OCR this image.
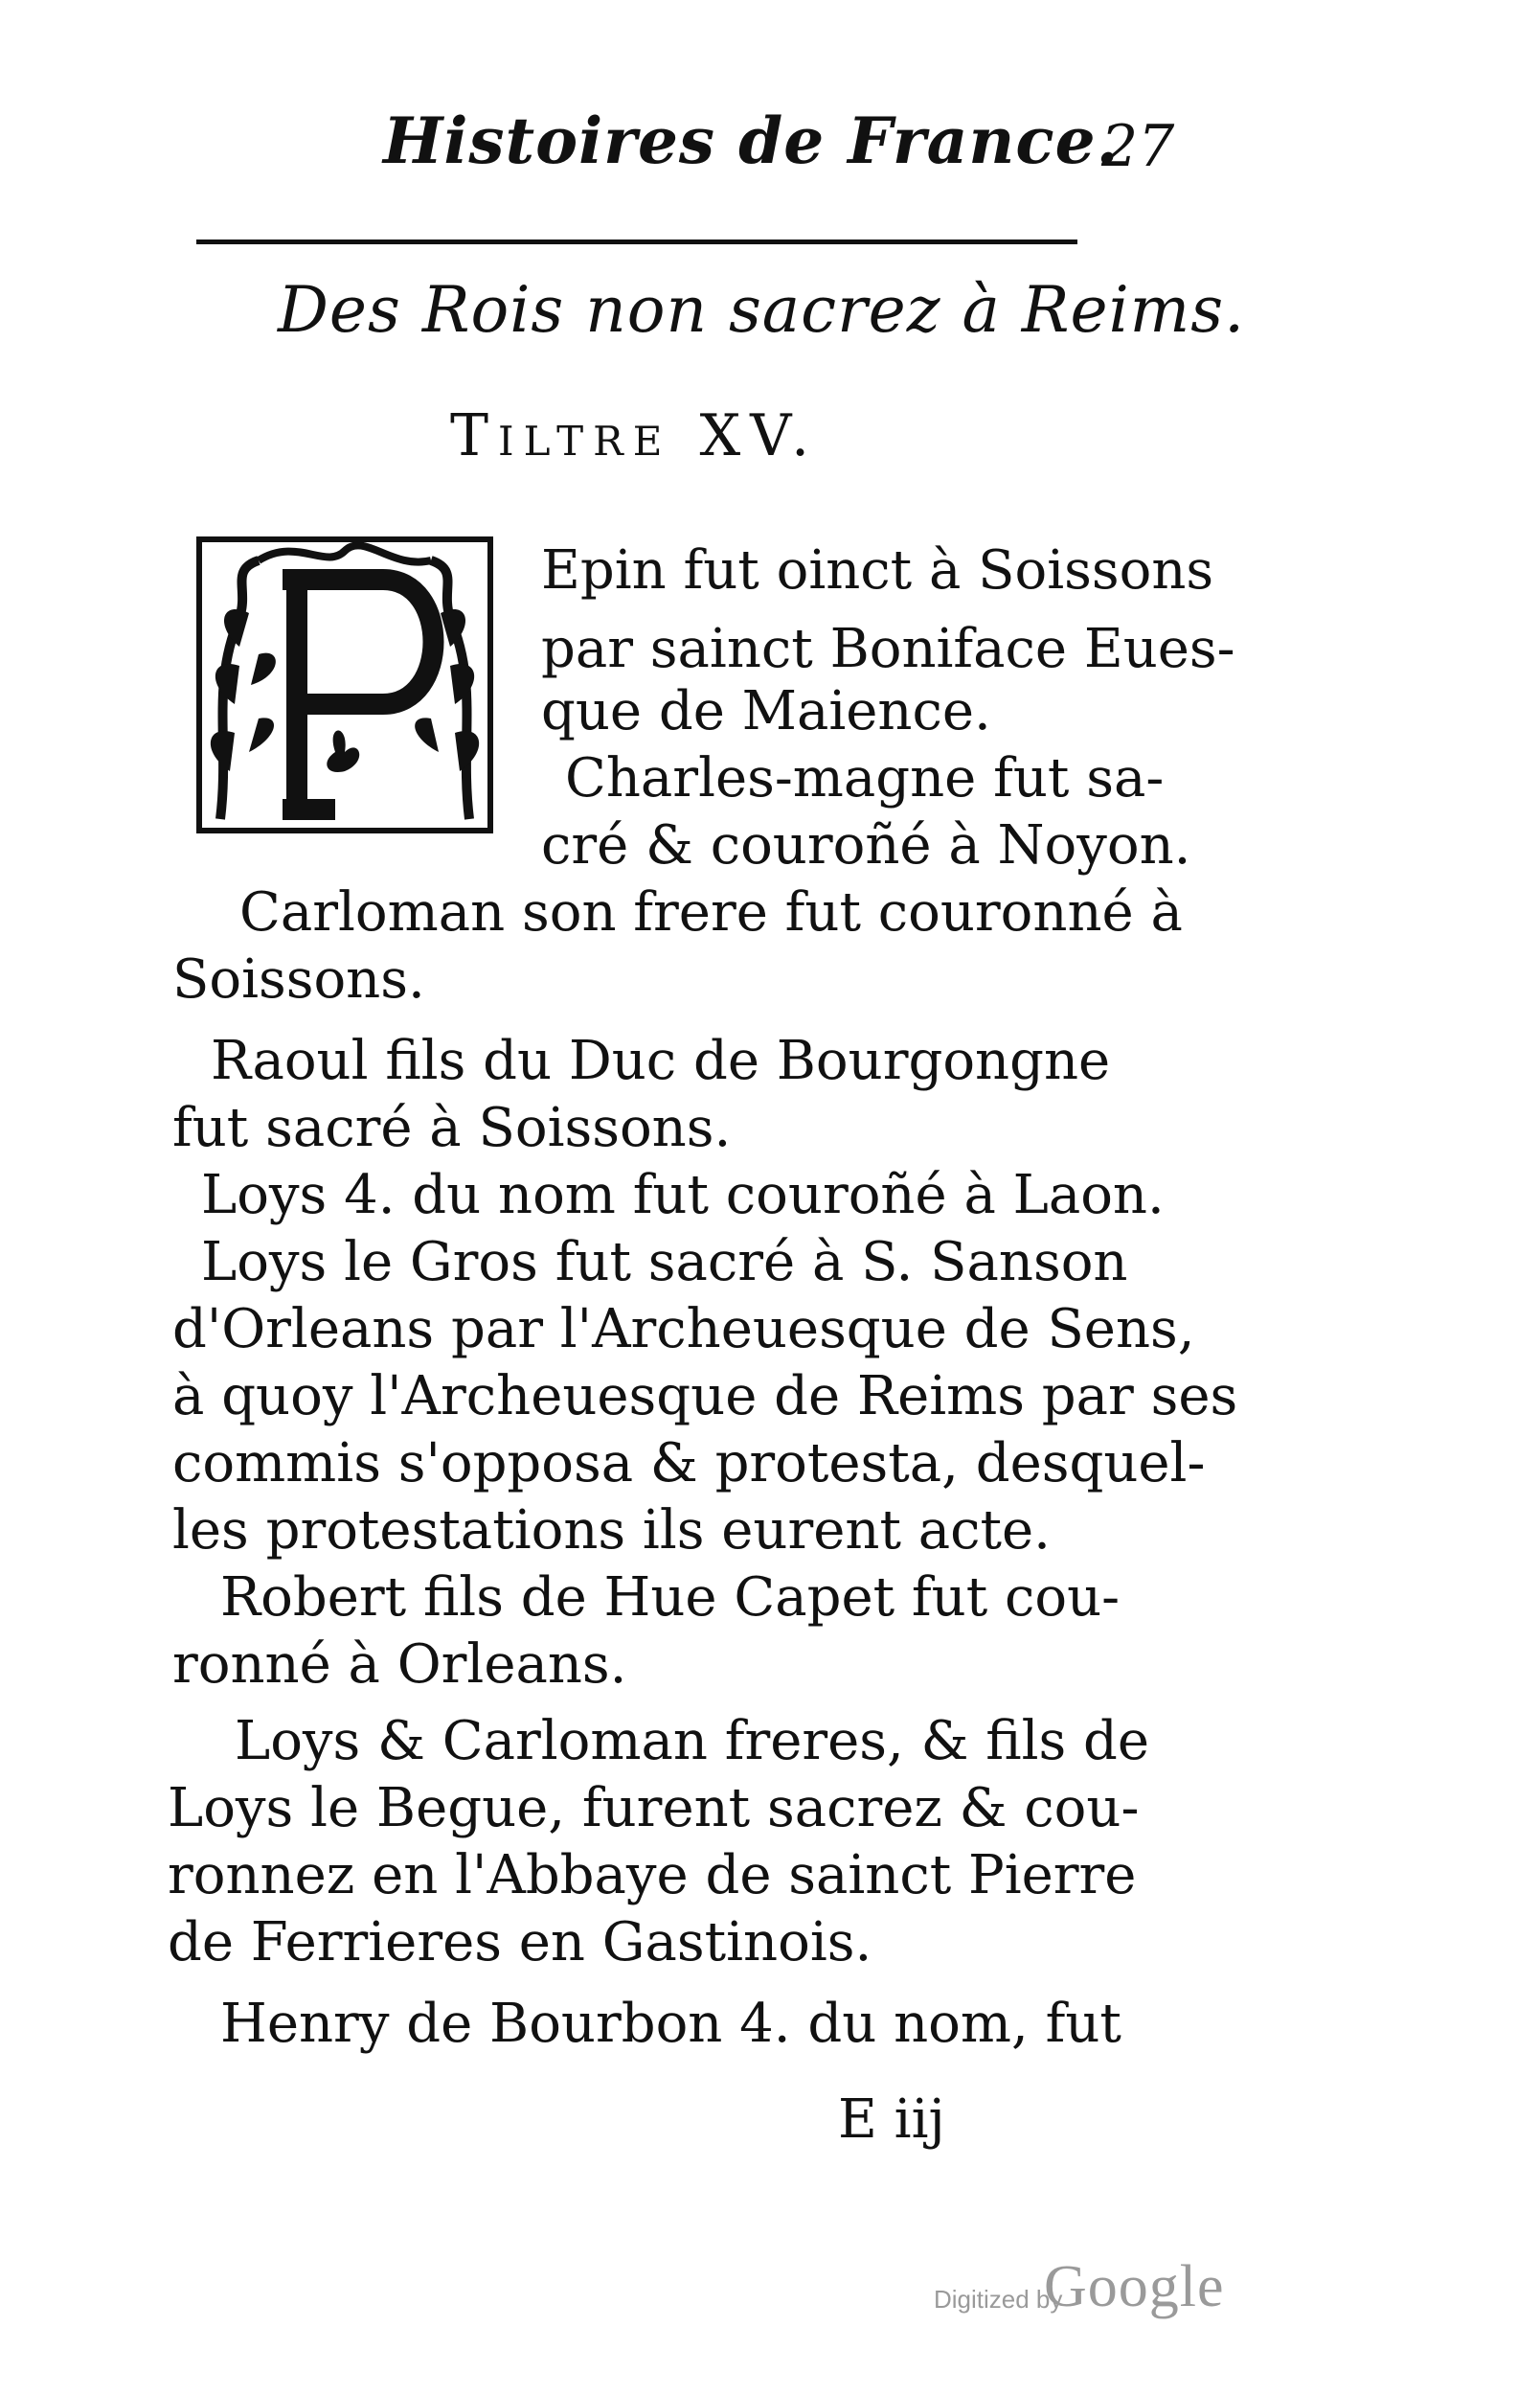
Histoires de France.
27
Des Rois non sacrez à Reims.
Tiltre XV.
Epin fut oinct à Soissons
par sainct Boniface Eues-
que de Maience.
Charles-magne fut sa-
cré & couroñé à Noyon.
Carloman son frere fut couronné à
Soissons.
Raoul fils du Duc de Bourgongne
fut sacré à Soissons.
Loys 4. du nom fut couroñé à Laon.
Loys le Gros fut sacré à S. Sanson
d'Orleans par l'Archeuesque de Sens,
à quoy l'Archeuesque de Reims par ses
commis s'opposa & protesta, desquel-
les protestations ils eurent acte.
Robert fils de Hue Capet fut cou-
ronné à Orleans.
Loys & Carloman freres, & fils de
Loys le Begue, furent sacrez & cou-
ronnez en l'Abbaye de sainct Pierre
de Ferrieres en Gastinois.
Henry de Bourbon 4. du nom, fut
E iij
Digitized by
Google
